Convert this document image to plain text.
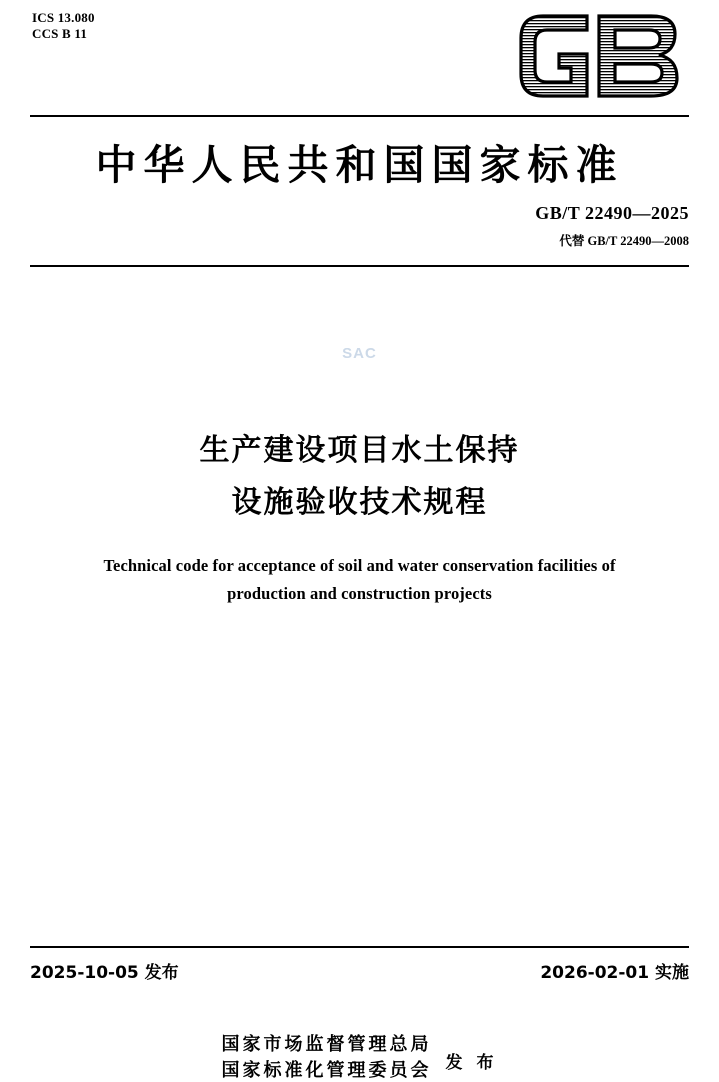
ICS 13.080
CCS B 11
中华人民共和国国家标准
GB/T 22490—2025
代替 GB/T 22490—2008
SAC
生产建设项目水土保持
设施验收技术规程
Technical code for acceptance of soil and water conservation facilities of
production and construction projects
2025-10-05 发布	2026-02-01 实施
国家市场监督管理总局
国家标准化管理委员会 发 布
